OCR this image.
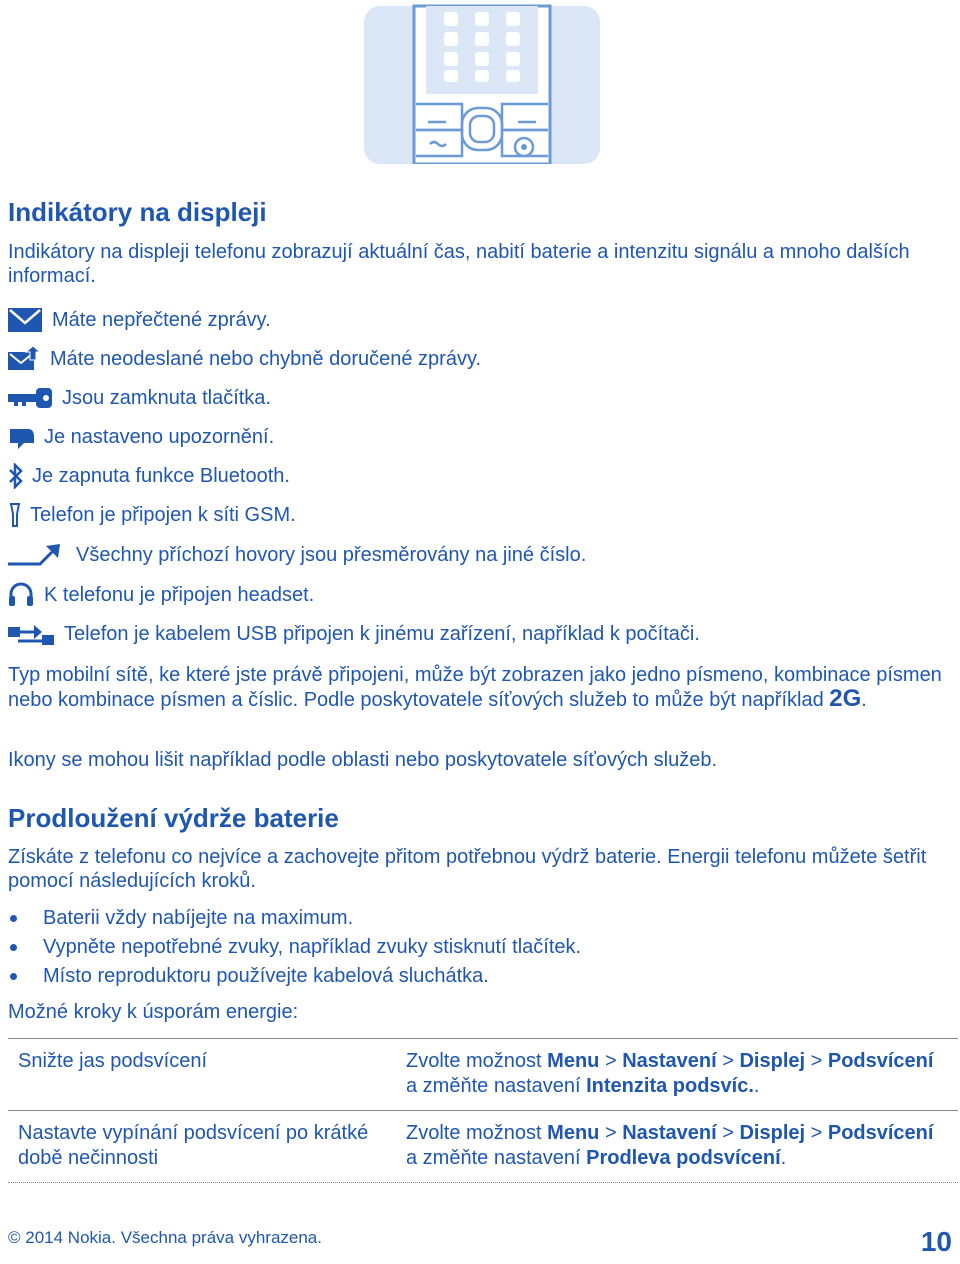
Indikátory na displeji

Indikátory na displeji telefonu zobrazují aktuální čas, nabití baterie a intenzitu signálu a mnoho dalších informací.

Máte nepřečtené zprávy.
Máte neodeslané nebo chybně doručené zprávy.
Jsou zamknuta tlačítka.
Je nastaveno upozornění.
Je zapnuta funkce Bluetooth.
Telefon je připojen k síti GSM.
Všechny příchozí hovory jsou přesměrovány na jiné číslo.
K telefonu je připojen headset.
Telefon je kabelem USB připojen k jinému zařízení, například k počítači.

Typ mobilní sítě, ke které jste právě připojeni, může být zobrazen jako jedno písmeno, kombinace písmen nebo kombinace písmen a číslic. Podle poskytovatele síťových služeb to může být například 2G.

Ikony se mohou lišit například podle oblasti nebo poskytovatele síťových služeb.

Prodloužení výdrže baterie

Získáte z telefonu co nejvíce a zachovejte přitom potřebnou výdrž baterie. Energii telefonu můžete šetřit pomocí následujících kroků.

Baterii vždy nabíjejte na maximum.
Vypněte nepotřebné zvuky, například zvuky stisknutí tlačítek.
Místo reproduktoru používejte kabelová sluchátka.

Možné kroky k úsporám energie:

Snižte jas podsvícení	Zvolte možnost Menu > Nastavení > Displej > Podsvícení
a změňte nastavení Intenzita podsvíc..
Nastavte vypínání podsvícení po krátké době nečinnosti
Zvolte možnost Menu > Nastavení > Displej > Podsvícení
a změňte nastavení Prodleva podsvícení.
© 2014 Nokia. Všechna práva vyhrazena.	10
